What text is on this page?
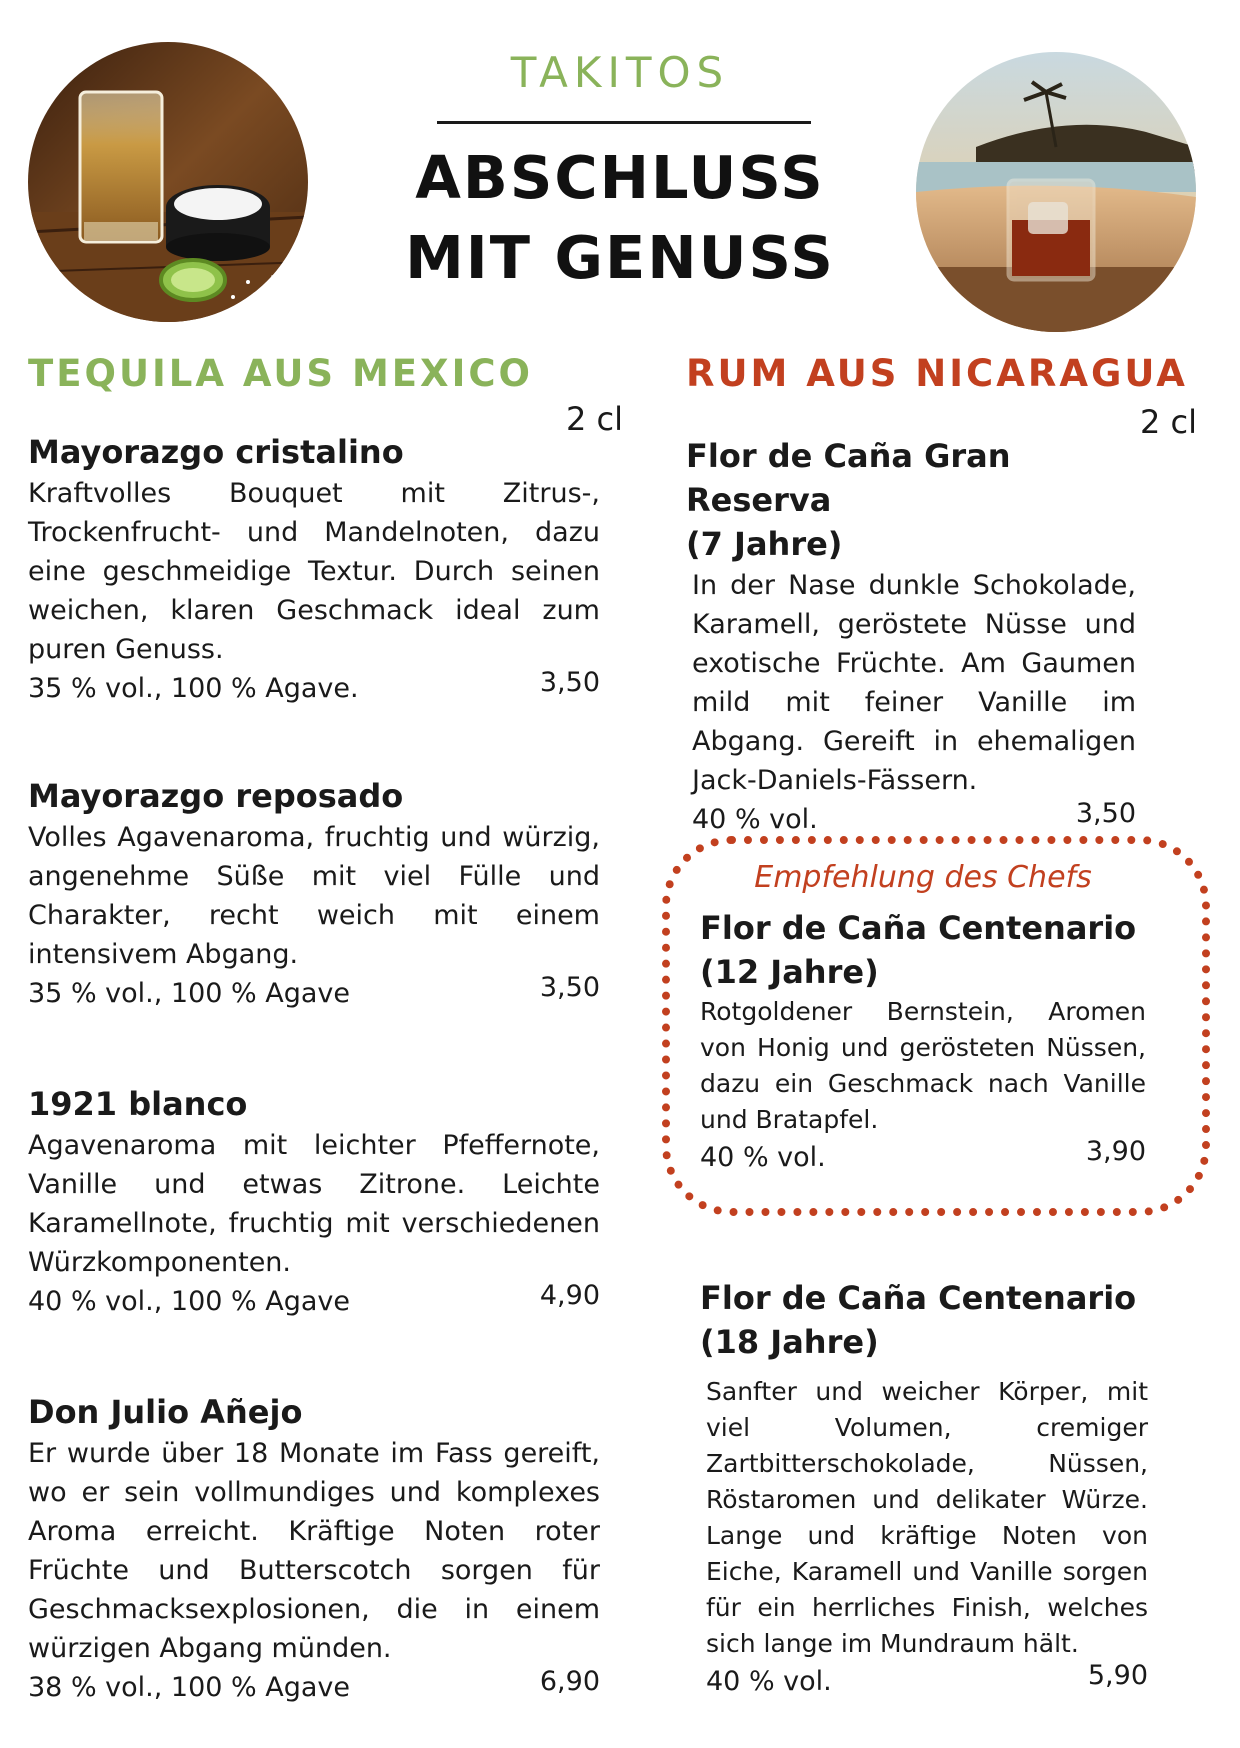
TAKITOS
ABSCHLUSS
MIT GENUSS
TEQUILA AUS MEXICO
2 cl
Mayorazgo cristalino
Kraftvolles Bouquet mit Zitrus-, Trockenfrucht- und Mandelnoten, dazu eine geschmeidige Textur. Durch seinen weichen, klaren Geschmack ideal zum puren Genuss.
35 % vol., 100 % Agave.	3,50
Mayorazgo reposado
Volles Agavenaroma, fruchtig und würzig, angenehme Süße mit viel Fülle und Charakter, recht weich mit einem intensivem Abgang.
35 % vol., 100 % Agave	3,50
1921 blanco
Agavenaroma mit leichter Pfeffernote, Vanille und etwas Zitrone. Leichte Karamellnote, fruchtig mit verschiedenen Würzkomponenten.
40 % vol., 100 % Agave	4,90
Don Julio Añejo
Er wurde über 18 Monate im Fass gereift, wo er sein vollmundiges und komplexes Aroma erreicht. Kräftige Noten roter Früchte und Butterscotch sorgen für Geschmacksexplosionen, die in einem würzigen Abgang münden.
38 % vol., 100 % Agave	6,90
RUM AUS NICARAGUA
2 cl
Flor de Caña Gran Reserva
(7 Jahre)
In der Nase dunkle Schokolade, Karamell, geröstete Nüsse und exotische Früchte. Am Gaumen mild mit feiner Vanille im Abgang. Gereift in ehemaligen Jack-Daniels-Fässern.
40 % vol.	3,50
Empfehlung des Chefs
Flor de Caña Centenario
(12 Jahre)
Rotgoldener Bernstein, Aromen von Honig und gerösteten Nüssen, dazu ein Geschmack nach Vanille und Bratapfel.
40 % vol.	3,90
Flor de Caña Centenario
(18 Jahre)
Sanfter und weicher Körper, mit viel Volumen, cremiger Zartbitterschokolade, Nüssen, Röstaromen und delikater Würze. Lange und kräftige Noten von Eiche, Karamell und Vanille sorgen für ein herrliches Finish, welches sich lange im Mundraum hält.
40 % vol.	5,90
